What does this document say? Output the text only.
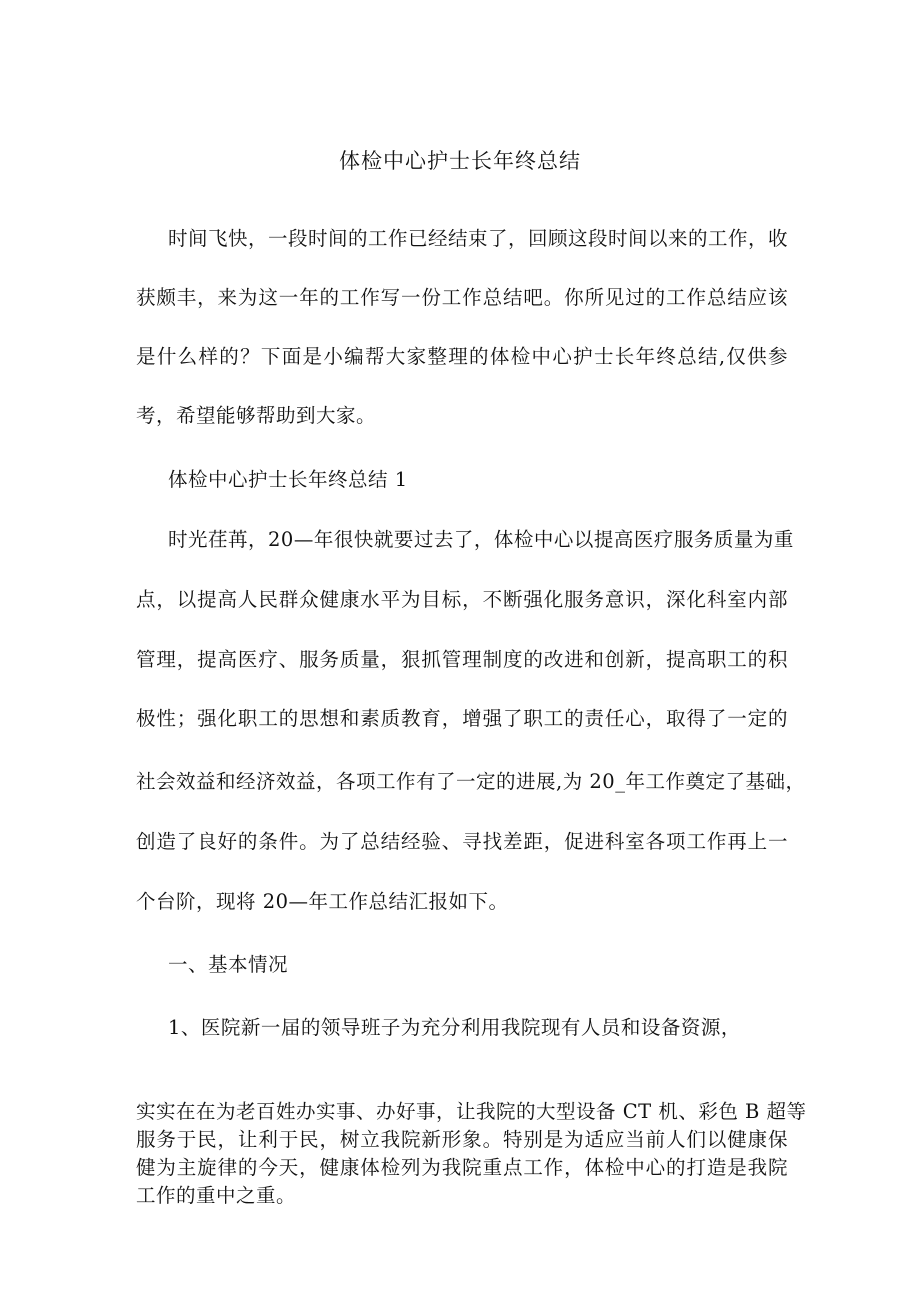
体检中心护士长年终总结
时间飞快，一段时间的工作已经结束了，回顾这段时间以来的工作，收
获颇丰，来为这一年的工作写一份工作总结吧。你所见过的工作总结应该
是什么样的？下面是小编帮大家整理的体检中心护士长年终总结,仅供参
考，希望能够帮助到大家。
体检中心护士长年终总结 1
时光荏苒，20—年很快就要过去了，体检中心以提高医疗服务质量为重
点，以提高人民群众健康水平为目标，不断强化服务意识，深化科室内部
管理，提高医疗、服务质量，狠抓管理制度的改进和创新，提高职工的积
极性；强化职工的思想和素质教育，增强了职工的责任心，取得了一定的
社会效益和经济效益，各项工作有了一定的进展,为 20_年工作奠定了基础，
创造了良好的条件。为了总结经验、寻找差距，促进科室各项工作再上一
个台阶，现将 20—年工作总结汇报如下。
一、基本情况
1、医院新一届的领导班子为充分利用我院现有人员和设备资源，
实实在在为老百姓办实事、办好事，让我院的大型设备 CT 机、彩色 B 超等
服务于民，让利于民，树立我院新形象。特别是为适应当前人们以健康保
健为主旋律的今天，健康体检列为我院重点工作，体检中心的打造是我院
工作的重中之重。
